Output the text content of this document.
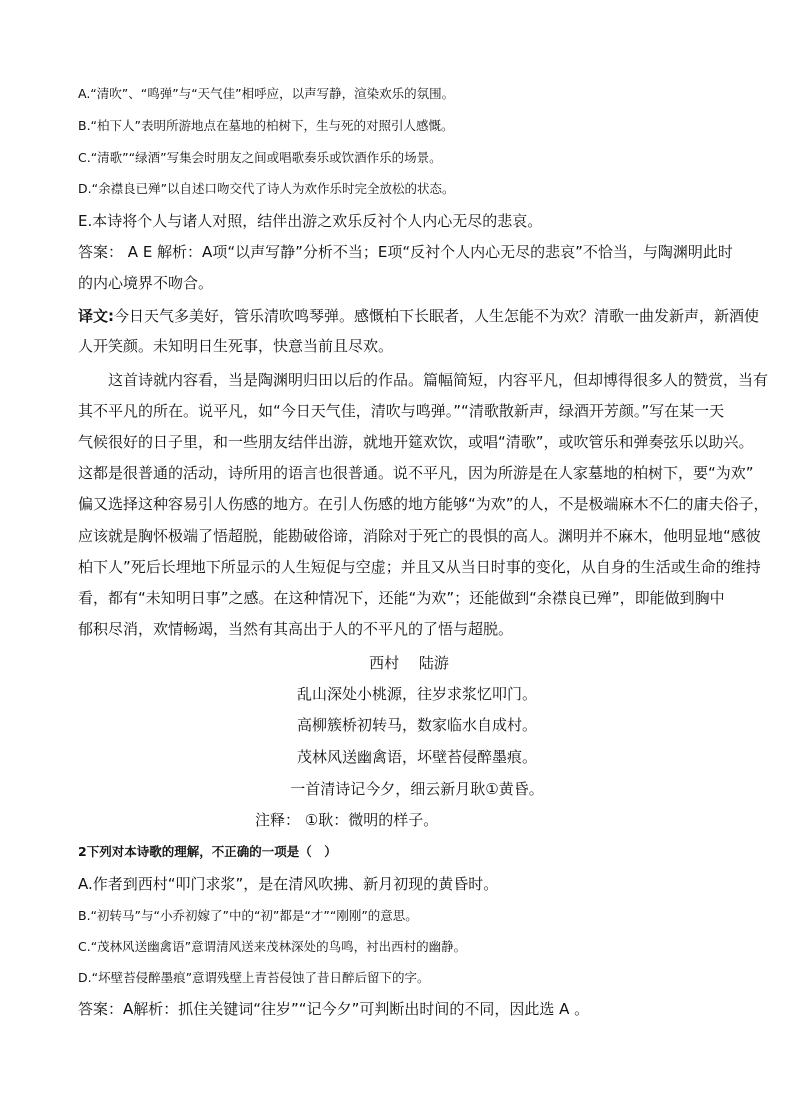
A.“清吹”、“鸣弹”与“天气佳”相呼应，以声写静，渲染欢乐的氛围。
B.“柏下人”表明所游地点在墓地的柏树下，生与死的对照引人感慨。
C.“清歌”“绿酒”写集会时朋友之间或唱歌奏乐或饮酒作乐的场景。
D.“余襟良已殚”以自述口吻交代了诗人为欢作乐时完全放松的状态。
E.本诗将个人与诸人对照，结伴出游之欢乐反衬个人内心无尽的悲哀。
答案： A E 解析：A项“以声写静”分析不当；E项“反衬个人内心无尽的悲哀”不恰当，与陶渊明此时
的内心境界不吻合。
译文:今日天气多美好，管乐清吹鸣琴弹。感慨柏下长眠者，人生怎能不为欢？清歌一曲发新声，新酒使
人开笑颜。未知明日生死事，快意当前且尽欢。
　　这首诗就内容看，当是陶渊明归田以后的作品。篇幅简短，内容平凡，但却博得很多人的赞赏，当有
其不平凡的所在。说平凡，如“今日天气佳，清吹与鸣弹。”“清歌散新声，绿酒开芳颜。”写在某一天
气候很好的日子里，和一些朋友结伴出游，就地开筵欢饮，或唱“清歌”，或吹管乐和弹奏弦乐以助兴。
这都是很普通的活动，诗所用的语言也很普通。说不平凡，因为所游是在人家墓地的柏树下，要“为欢”
偏又选择这种容易引人伤感的地方。在引人伤感的地方能够“为欢”的人，不是极端麻木不仁的庸夫俗子，
应该就是胸怀极端了悟超脱，能勘破俗谛，消除对于死亡的畏惧的高人。渊明并不麻木，他明显地“感彼
柏下人”死后长埋地下所显示的人生短促与空虚；并且又从当日时事的变化，从自身的生活或生命的维持
看，都有“未知明日事”之感。在这种情况下，还能“为欢”；还能做到“余襟良已殚”，即能做到胸中
郁积尽消，欢情畅竭，当然有其高出于人的不平凡的了悟与超脱。
西村　 陆游
乱山深处小桃源，往岁求浆忆叩门。
高柳簇桥初转马，数家临水自成村。
茂林风送幽禽语，坏壁苔侵醉墨痕。
一首清诗记今夕，细云新月耿①黄昏。
注释： ①耿：微明的样子。
2下列对本诗歌的理解，不正确的一项是（　）
A.作者到西村“叩门求浆”，是在清风吹拂、新月初现的黄昏时。
B.“初转马”与“小乔初嫁了”中的“初”都是“才”“刚刚”的意思。
C.“茂林风送幽禽语”意谓清风送来茂林深处的鸟鸣，衬出西村的幽静。
D.“坏壁苔侵醉墨痕”意谓残壁上青苔侵蚀了昔日醉后留下的字。
答案：A解析：抓住关键词“往岁”“记今夕”可判断出时间的不同，因此选 A 。
